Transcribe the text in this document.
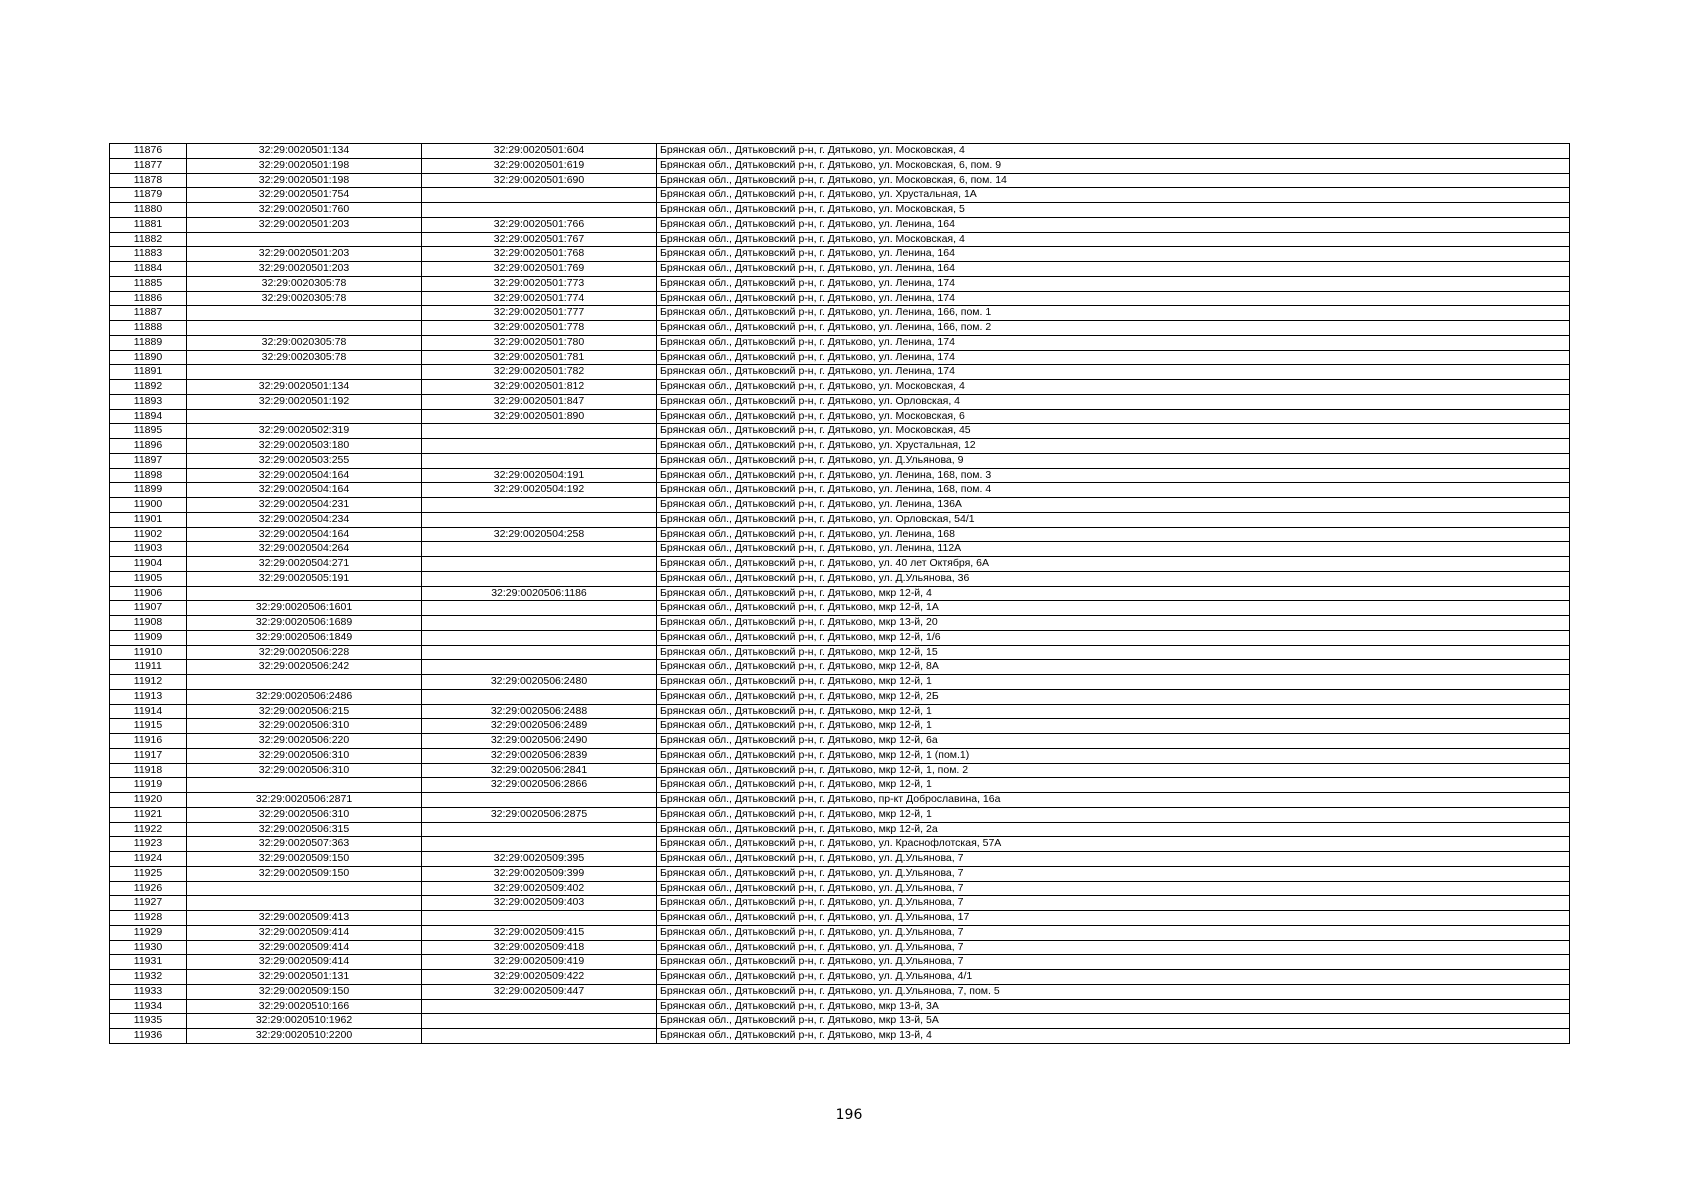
11876	32:29:0020501:134	32:29:0020501:604	Брянская обл., Дятьковский р-н, г. Дятьково, ул. Московская, 4
11877	32:29:0020501:198	32:29:0020501:619	Брянская обл., Дятьковский р-н, г. Дятьково, ул. Московская, 6, пом. 9
11878	32:29:0020501:198	32:29:0020501:690	Брянская обл., Дятьковский р-н, г. Дятьково, ул. Московская, 6, пом. 14
11879	32:29:0020501:754		Брянская обл., Дятьковский р-н, г. Дятьково, ул. Хрустальная, 1А
11880	32:29:0020501:760		Брянская обл., Дятьковский р-н, г. Дятьково, ул. Московская, 5
11881	32:29:0020501:203	32:29:0020501:766	Брянская обл., Дятьковский р-н, г. Дятьково, ул. Ленина, 164
11882		32:29:0020501:767	Брянская обл., Дятьковский р-н, г. Дятьково, ул. Московская, 4
11883	32:29:0020501:203	32:29:0020501:768	Брянская обл., Дятьковский р-н, г. Дятьково, ул. Ленина, 164
11884	32:29:0020501:203	32:29:0020501:769	Брянская обл., Дятьковский р-н, г. Дятьково, ул. Ленина, 164
11885	32:29:0020305:78	32:29:0020501:773	Брянская обл., Дятьковский р-н, г. Дятьково, ул. Ленина, 174
11886	32:29:0020305:78	32:29:0020501:774	Брянская обл., Дятьковский р-н, г. Дятьково, ул. Ленина, 174
11887		32:29:0020501:777	Брянская обл., Дятьковский р-н, г. Дятьково, ул. Ленина, 166, пом. 1
11888		32:29:0020501:778	Брянская обл., Дятьковский р-н, г. Дятьково, ул. Ленина, 166, пом. 2
11889	32:29:0020305:78	32:29:0020501:780	Брянская обл., Дятьковский р-н, г. Дятьково, ул. Ленина, 174
11890	32:29:0020305:78	32:29:0020501:781	Брянская обл., Дятьковский р-н, г. Дятьково, ул. Ленина, 174
11891		32:29:0020501:782	Брянская обл., Дятьковский р-н, г. Дятьково, ул. Ленина, 174
11892	32:29:0020501:134	32:29:0020501:812	Брянская обл., Дятьковский р-н, г. Дятьково, ул. Московская, 4
11893	32:29:0020501:192	32:29:0020501:847	Брянская обл., Дятьковский р-н, г. Дятьково, ул. Орловская, 4
11894		32:29:0020501:890	Брянская обл., Дятьковский р-н, г. Дятьково, ул. Московская, 6
11895	32:29:0020502:319		Брянская обл., Дятьковский р-н, г. Дятьково, ул. Московская, 45
11896	32:29:0020503:180		Брянская обл., Дятьковский р-н, г. Дятьково, ул. Хрустальная, 12
11897	32:29:0020503:255		Брянская обл., Дятьковский р-н, г. Дятьково, ул. Д.Ульянова, 9
11898	32:29:0020504:164	32:29:0020504:191	Брянская обл., Дятьковский р-н, г. Дятьково, ул. Ленина, 168, пом. 3
11899	32:29:0020504:164	32:29:0020504:192	Брянская обл., Дятьковский р-н, г. Дятьково, ул. Ленина, 168, пом. 4
11900	32:29:0020504:231		Брянская обл., Дятьковский р-н, г. Дятьково, ул. Ленина, 136А
11901	32:29:0020504:234		Брянская обл., Дятьковский р-н, г. Дятьково, ул. Орловская, 54/1
11902	32:29:0020504:164	32:29:0020504:258	Брянская обл., Дятьковский р-н, г. Дятьково, ул. Ленина, 168
11903	32:29:0020504:264		Брянская обл., Дятьковский р-н, г. Дятьково, ул. Ленина, 112А
11904	32:29:0020504:271		Брянская обл., Дятьковский р-н, г. Дятьково, ул. 40 лет Октября, 6А
11905	32:29:0020505:191		Брянская обл., Дятьковский р-н, г. Дятьково, ул. Д.Ульянова, 36
11906		32:29:0020506:1186	Брянская обл., Дятьковский р-н, г. Дятьково, мкр 12-й, 4
11907	32:29:0020506:1601		Брянская обл., Дятьковский р-н, г. Дятьково, мкр 12-й, 1А
11908	32:29:0020506:1689		Брянская обл., Дятьковский р-н, г. Дятьково, мкр 13-й, 20
11909	32:29:0020506:1849		Брянская обл., Дятьковский р-н, г. Дятьково, мкр 12-й, 1/6
11910	32:29:0020506:228		Брянская обл., Дятьковский р-н, г. Дятьково, мкр 12-й, 15
11911	32:29:0020506:242		Брянская обл., Дятьковский р-н, г. Дятьково, мкр 12-й, 8А
11912		32:29:0020506:2480	Брянская обл., Дятьковский р-н, г. Дятьково, мкр 12-й, 1
11913	32:29:0020506:2486		Брянская обл., Дятьковский р-н, г. Дятьково, мкр 12-й, 2Б
11914	32:29:0020506:215	32:29:0020506:2488	Брянская обл., Дятьковский р-н, г. Дятьково, мкр 12-й, 1
11915	32:29:0020506:310	32:29:0020506:2489	Брянская обл., Дятьковский р-н, г. Дятьково, мкр 12-й, 1
11916	32:29:0020506:220	32:29:0020506:2490	Брянская обл., Дятьковский р-н, г. Дятьково, мкр 12-й, 6а
11917	32:29:0020506:310	32:29:0020506:2839	Брянская обл., Дятьковский р-н, г. Дятьково, мкр 12-й, 1 (пом.1)
11918	32:29:0020506:310	32:29:0020506:2841	Брянская обл., Дятьковский р-н, г. Дятьково, мкр 12-й, 1, пом. 2
11919		32:29:0020506:2866	Брянская обл., Дятьковский р-н, г. Дятьково, мкр 12-й, 1
11920	32:29:0020506:2871		Брянская обл., Дятьковский р-н, г. Дятьково, пр-кт Доброславина, 16а
11921	32:29:0020506:310	32:29:0020506:2875	Брянская обл., Дятьковский р-н, г. Дятьково, мкр 12-й, 1
11922	32:29:0020506:315		Брянская обл., Дятьковский р-н, г. Дятьково, мкр 12-й, 2а
11923	32:29:0020507:363		Брянская обл., Дятьковский р-н, г. Дятьково, ул. Краснофлотская, 57А
11924	32:29:0020509:150	32:29:0020509:395	Брянская обл., Дятьковский р-н, г. Дятьково, ул. Д.Ульянова, 7
11925	32:29:0020509:150	32:29:0020509:399	Брянская обл., Дятьковский р-н, г. Дятьково, ул. Д.Ульянова, 7
11926		32:29:0020509:402	Брянская обл., Дятьковский р-н, г. Дятьково, ул. Д.Ульянова, 7
11927		32:29:0020509:403	Брянская обл., Дятьковский р-н, г. Дятьково, ул. Д.Ульянова, 7
11928	32:29:0020509:413		Брянская обл., Дятьковский р-н, г. Дятьково, ул. Д.Ульянова, 17
11929	32:29:0020509:414	32:29:0020509:415	Брянская обл., Дятьковский р-н, г. Дятьково, ул. Д.Ульянова, 7
11930	32:29:0020509:414	32:29:0020509:418	Брянская обл., Дятьковский р-н, г. Дятьково, ул. Д.Ульянова, 7
11931	32:29:0020509:414	32:29:0020509:419	Брянская обл., Дятьковский р-н, г. Дятьково, ул. Д.Ульянова, 7
11932	32:29:0020501:131	32:29:0020509:422	Брянская обл., Дятьковский р-н, г. Дятьково, ул. Д.Ульянова, 4/1
11933	32:29:0020509:150	32:29:0020509:447	Брянская обл., Дятьковский р-н, г. Дятьково, ул. Д.Ульянова, 7, пом. 5
11934	32:29:0020510:166		Брянская обл., Дятьковский р-н, г. Дятьково, мкр 13-й, 3А
11935	32:29:0020510:1962		Брянская обл., Дятьковский р-н, г. Дятьково, мкр 13-й, 5А
11936	32:29:0020510:2200		Брянская обл., Дятьковский р-н, г. Дятьково, мкр 13-й, 4
196
